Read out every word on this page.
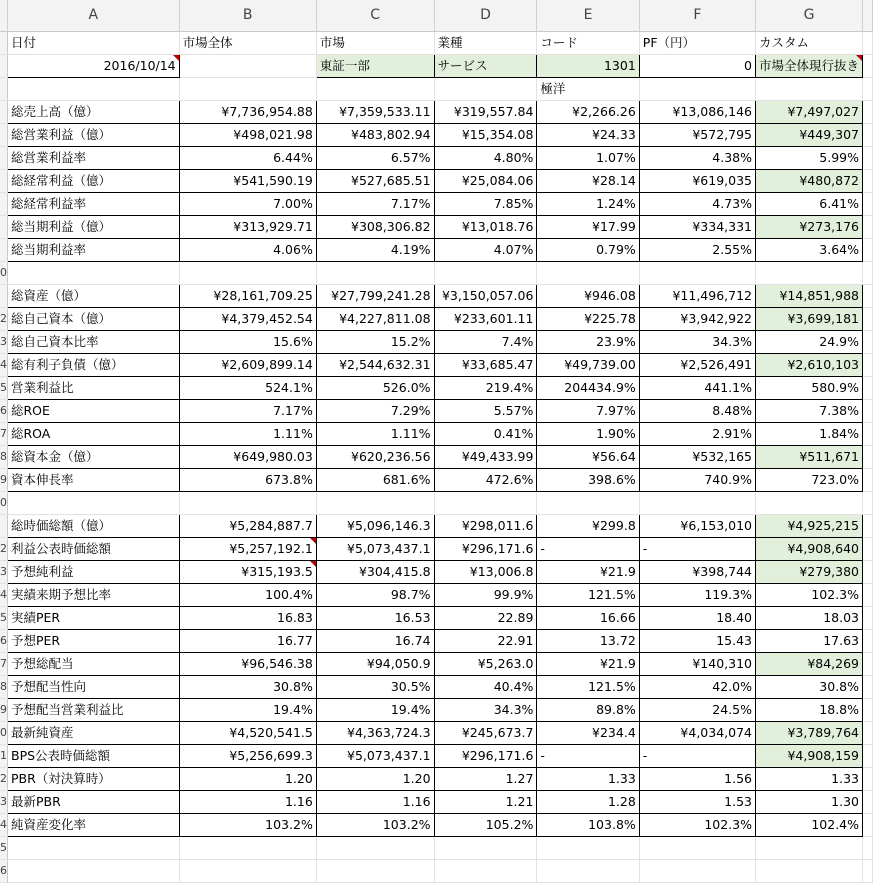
	A	B	C	D	E	F	G	
	日付	市場全体	市場	業種	コード	PF（円）	カスタム	
	2016/10/14		東証一部	サービス	1301	0	市場全体現行抜き	
					極洋			
	総売上高（億）	¥7,736,954.88	¥7,359,533.11	¥319,557.84	¥2,266.26	¥13,086,146	¥7,497,027	
	総営業利益（億）	¥498,021.98	¥483,802.94	¥15,354.08	¥24.33	¥572,795	¥449,307	
	総営業利益率	6.44%	6.57%	4.80%	1.07%	4.38%	5.99%	
	総経常利益（億）	¥541,590.19	¥527,685.51	¥25,084.06	¥28.14	¥619,035	¥480,872	
	総経常利益率	7.00%	7.17%	7.85%	1.24%	4.73%	6.41%	
	総当期利益（億）	¥313,929.71	¥308,306.82	¥13,018.76	¥17.99	¥334,331	¥273,176	
	総当期利益率	4.06%	4.19%	4.07%	0.79%	2.55%	3.64%	
0								
	総資産（億）	¥28,161,709.25	¥27,799,241.28	¥3,150,057.06	¥946.08	¥11,496,712	¥14,851,988	
2	総自己資本（億）	¥4,379,452.54	¥4,227,811.08	¥233,601.11	¥225.78	¥3,942,922	¥3,699,181	
3	総自己資本比率	15.6%	15.2%	7.4%	23.9%	34.3%	24.9%	
4	総有利子負債（億）	¥2,609,899.14	¥2,544,632.31	¥33,685.47	¥49,739.00	¥2,526,491	¥2,610,103	
5	営業利益比	524.1%	526.0%	219.4%	204434.9%	441.1%	580.9%	
6	総ROE	7.17%	7.29%	5.57%	7.97%	8.48%	7.38%	
7	総ROA	1.11%	1.11%	0.41%	1.90%	2.91%	1.84%	
8	総資本金（億）	¥649,980.03	¥620,236.56	¥49,433.99	¥56.64	¥532,165	¥511,671	
9	資本伸長率	673.8%	681.6%	472.6%	398.6%	740.9%	723.0%	
0								
	総時価総額（億）	¥5,284,887.7	¥5,096,146.3	¥298,011.6	¥299.8	¥6,153,010	¥4,925,215	
2	利益公表時価総額	¥5,257,192.1	¥5,073,437.1	¥296,171.6	-	-	¥4,908,640	
3	予想純利益	¥315,193.5	¥304,415.8	¥13,006.8	¥21.9	¥398,744	¥279,380	
4	実績来期予想比率	100.4%	98.7%	99.9%	121.5%	119.3%	102.3%	
5	実績PER	16.83	16.53	22.89	16.66	18.40	18.03	
6	予想PER	16.77	16.74	22.91	13.72	15.43	17.63	
7	予想総配当	¥96,546.38	¥94,050.9	¥5,263.0	¥21.9	¥140,310	¥84,269	
8	予想配当性向	30.8%	30.5%	40.4%	121.5%	42.0%	30.8%	
9	予想配当営業利益比	19.4%	19.4%	34.3%	89.8%	24.5%	18.8%	
0	最新純資産	¥4,520,541.5	¥4,363,724.3	¥245,673.7	¥234.4	¥4,034,074	¥3,789,764	
1	BPS公表時価総額	¥5,256,699.3	¥5,073,437.1	¥296,171.6	-	-	¥4,908,159	
2	PBR（対決算時）	1.20	1.20	1.27	1.33	1.56	1.33	
3	最新PBR	1.16	1.16	1.21	1.28	1.53	1.30	
4	純資産変化率	103.2%	103.2%	105.2%	103.8%	102.3%	102.4%	
5								
6								
